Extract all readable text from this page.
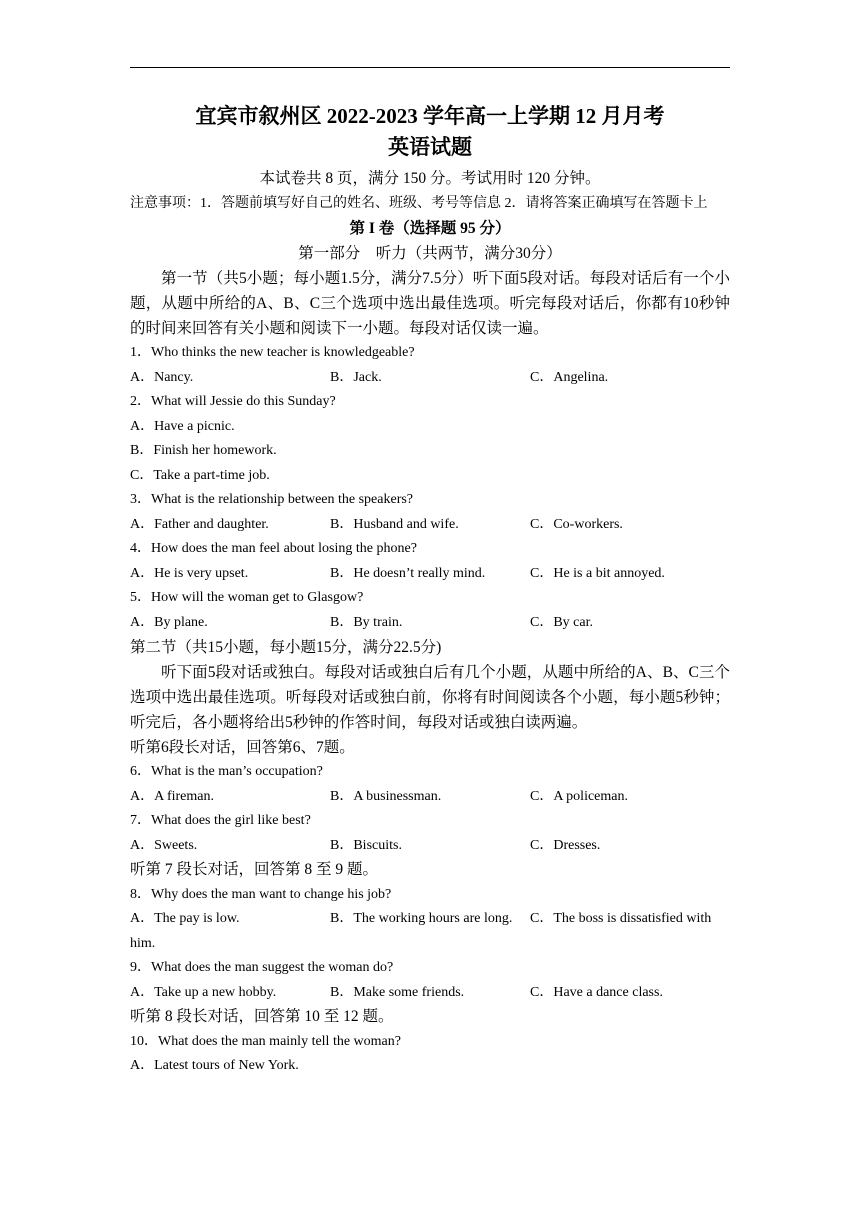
宜宾市叙州区 2022-2023 学年高一上学期 12 月月考
英语试题
本试卷共 8 页，满分 150 分。考试用时 120 分钟。
注意事项：1．答题前填写好自己的姓名、班级、考号等信息 2．请将答案正确填写在答题卡上
第 I 卷（选择题 95 分）
第一部分　听力（共两节，满分30分）
第一节（共5小题；每小题1.5分，满分7.5分）听下面5段对话。每段对话后有一个小题，从题中所给的A、B、C三个选项中选出最佳选项。听完每段对话后，你都有10秒钟的时间来回答有关小题和阅读下一小题。每段对话仅读一遍。
1．Who thinks the new teacher is knowledgeable?
A．Nancy.	B．Jack.	C．Angelina.
2．What will Jessie do this Sunday?
A．Have a picnic.
B．Finish her homework.
C．Take a part-time job.
3．What is the relationship between the speakers?
A．Father and daughter.	B．Husband and wife.	C．Co-workers.
4．How does the man feel about losing the phone?
A．He is very upset.	B．He doesn’t really mind.	C．He is a bit annoyed.
5．How will the woman get to Glasgow?
A．By plane.	B．By train.	C．By car.
第二节（共15小题，每小题15分，满分22.5分)
听下面5段对话或独白。每段对话或独白后有几个小题，从题中所给的A、B、C三个选项中选出最佳选项。听每段对话或独白前，你将有时间阅读各个小题，每小题5秒钟；听完后，各小题将给出5秒钟的作答时间，每段对话或独白读两遍。
听第6段长对话，回答第6、7题。
6．What is the man’s occupation?
A．A fireman.	B．A businessman.	C．A policeman.
7．What does the girl like best?
A．Sweets.	B．Biscuits.	C．Dresses.
听第 7 段长对话，回答第 8 至 9 题。
8．Why does the man want to change his job?
A．The pay is low.	B．The working hours are long.	C．The boss is dissatisfied with
him.
9．What does the man suggest the woman do?
A．Take up a new hobby.	B．Make some friends.	C．Have a dance class.
听第 8 段长对话，回答第 10 至 12 题。
10．What does the man mainly tell the woman?
A．Latest tours of New York.
